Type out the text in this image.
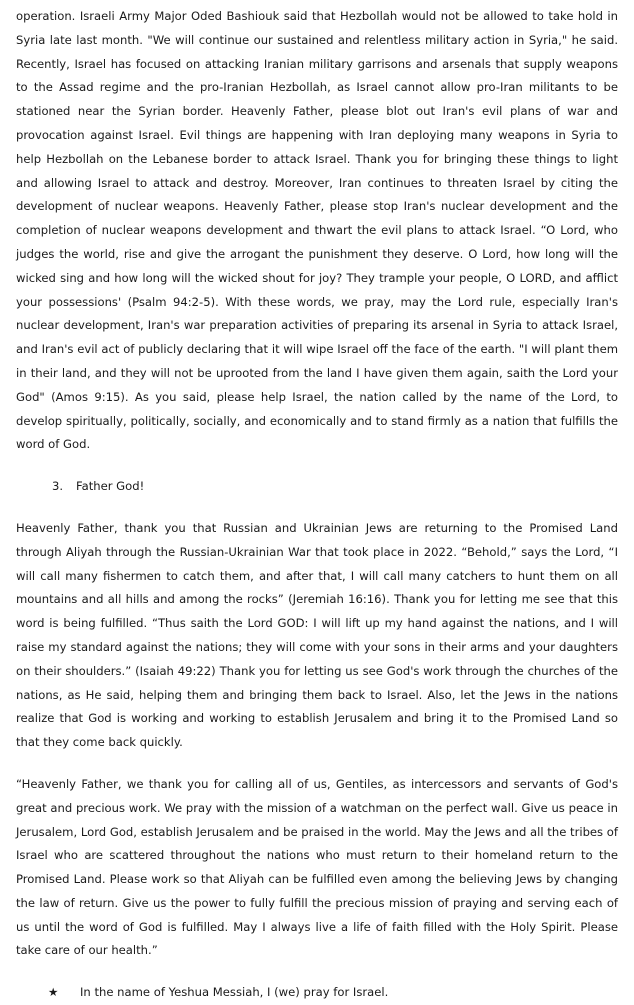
operation. Israeli Army Major Oded Bashiouk said that Hezbollah would not be allowed to take hold in Syria late last month. "We will continue our sustained and relentless military action in Syria," he said. Recently, Israel has focused on attacking Iranian military garrisons and arsenals that supply weapons to the Assad regime and the pro-Iranian Hezbollah, as Israel cannot allow pro-Iran militants to be stationed near the Syrian border. Heavenly Father, please blot out Iran's evil plans of war and provocation against Israel. Evil things are happening with Iran deploying many weapons in Syria to help Hezbollah on the Lebanese border to attack Israel. Thank you for bringing these things to light and allowing Israel to attack and destroy. Moreover, Iran continues to threaten Israel by citing the development of nuclear weapons. Heavenly Father, please stop Iran's nuclear development and the completion of nuclear weapons development and thwart the evil plans to attack Israel. “O Lord, who judges the world, rise and give the arrogant the punishment they deserve. O Lord, how long will the wicked sing and how long will the wicked shout for joy? They trample your people, O LORD, and afflict your possessions' (Psalm 94:2-5). With these words, we pray, may the Lord rule, especially Iran's nuclear development, Iran's war preparation activities of preparing its arsenal in Syria to attack Israel, and Iran's evil act of publicly declaring that it will wipe Israel off the face of the earth. "I will plant them in their land, and they will not be uprooted from the land I have given them again, saith the Lord your God" (Amos 9:15). As you said, please help Israel, the nation called by the name of the Lord, to develop spiritually, politically, socially, and economically and to stand firmly as a nation that fulfills the word of God.

3.	Father God!

Heavenly Father, thank you that Russian and Ukrainian Jews are returning to the Promised Land through Aliyah through the Russian-Ukrainian War that took place in 2022. “Behold,” says the Lord, “I will call many fishermen to catch them, and after that, I will call many catchers to hunt them on all mountains and all hills and among the rocks” (Jeremiah 16:16). Thank you for letting me see that this word is being fulfilled. “Thus saith the Lord GOD: I will lift up my hand against the nations, and I will raise my standard against the nations; they will come with your sons in their arms and your daughters on their shoulders.” (Isaiah 49:22) Thank you for letting us see God's work through the churches of the nations, as He said, helping them and bringing them back to Israel. Also, let the Jews in the nations realize that God is working and working to establish Jerusalem and bring it to the Promised Land so that they come back quickly.

“Heavenly Father, we thank you for calling all of us, Gentiles, as intercessors and servants of God's great and precious work. We pray with the mission of a watchman on the perfect wall. Give us peace in Jerusalem, Lord God, establish Jerusalem and be praised in the world. May the Jews and all the tribes of Israel who are scattered throughout the nations who must return to their homeland return to the Promised Land. Please work so that Aliyah can be fulfilled even among the believing Jews by changing the law of return. Give us the power to fully fulfill the precious mission of praying and serving each of us until the word of God is fulfilled. May I always live a life of faith filled with the Holy Spirit. Please take care of our health.”

★	In the name of Yeshua Messiah, I (we) pray for Israel.
